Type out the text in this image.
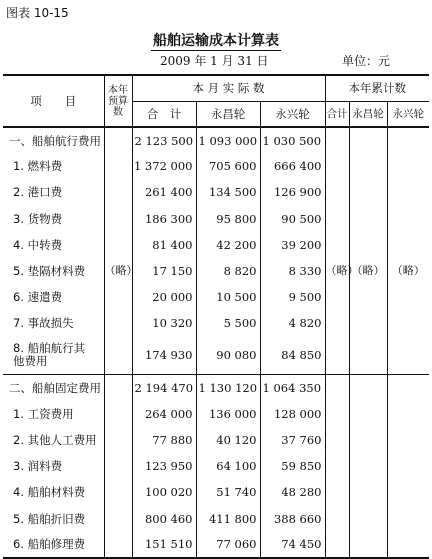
图表 10-15
船舶运输成本计算表
2009 年 1 月 31 日	单位：元
项　　目	本年预算数	本 月 实 际 数			本年累计数		
		合　计	永昌轮	永兴轮	合计	永昌轮	永兴轮
一、船舶航行费用		2 123 500	1 093 000	1 030 500			
1. 燃料费		1 372 000	705 600	666 400			
2. 港口费		261 400	134 500	126 900			
3. 货物费		186 300	95 800	90 500			
4. 中转费		81 400	42 200	39 200			
5. 垫隔材料费	（略）	17 150	8 820	8 330	（略）	（略）	（略）
6. 速遣费		20 000	10 500	9 500			
7. 事故损失		10 320	5 500	4 820			
8. 船舶航行其他费用		174 930	90 080	84 850			
二、船舶固定费用		2 194 470	1 130 120	1 064 350			
1. 工资费用		264 000	136 000	128 000			
2. 其他人工费用		77 880	40 120	37 760			
3. 润料费		123 950	64 100	59 850			
4. 船舶材料费		100 020	51 740	48 280			
5. 船舶折旧费		800 460	411 800	388 660			
6. 船舶修理费		151 510	77 060	74 450			
